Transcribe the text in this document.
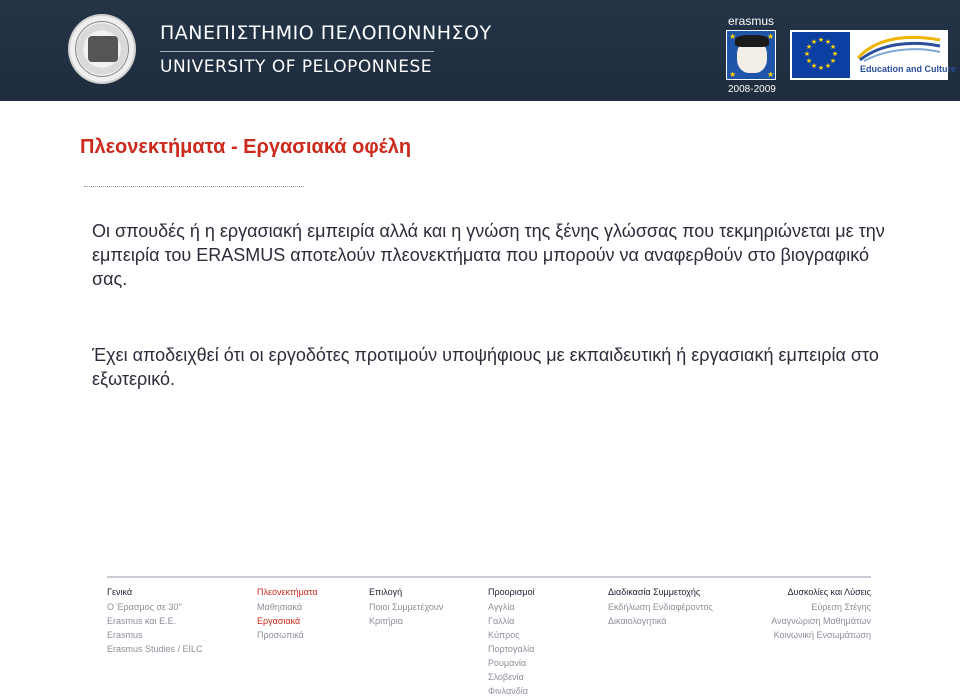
ΠΑΝΕΠΙΣΤΗΜΙΟ ΠΕΛΟΠΟΝΝΗΣΟΥ
UNIVERSITY OF PELOPONNESE
erasmus
★	★
★	★
2008-2009
★ ★
★
★
★
★
★
★
★
★
★
★
Education and Culture
Πλεονεκτήματα - Εργασιακά οφέλη

Οι σπουδές ή η εργασιακή εμπειρία αλλά και η γνώση της ξένης γλώσσας που τεκμηριώνεται με την εμπειρία του ERASMUS αποτελούν πλεονεκτήματα που μπορούν να αναφερθούν στο βιογραφικό σας.

Έχει αποδειχθεί ότι οι εργοδότες προτιμούν υποψήφιους με εκπαιδευτική ή εργασιακή εμπειρία στο εξωτερικό.

Γενικά
Ο Έρασμος σε 30''
Erasmus και Ε.Ε.
Erasmus
Erasmus Studies / EILC
Πλεονεκτήματα
Μαθησιακά
Εργασιακά
Προσωπικά
Επιλογή
Ποιοι Συμμετέχουν
Κριτήρια
Προορισμοί
Αγγλία
Γαλλία
Κύπρος
Πορτογαλία
Ρουμανία
Σλοβενία
Φινλανδία
Διαδικασία Συμμετοχής
Εκδήλωση Ενδιαφέροντος
Δικαιολογητικά
Δυσκολίες και Λύσεις
Εύρεση Στέγης
Αναγνώριση Μαθημάτων
Κοινωνική Ενσωμάτωση
